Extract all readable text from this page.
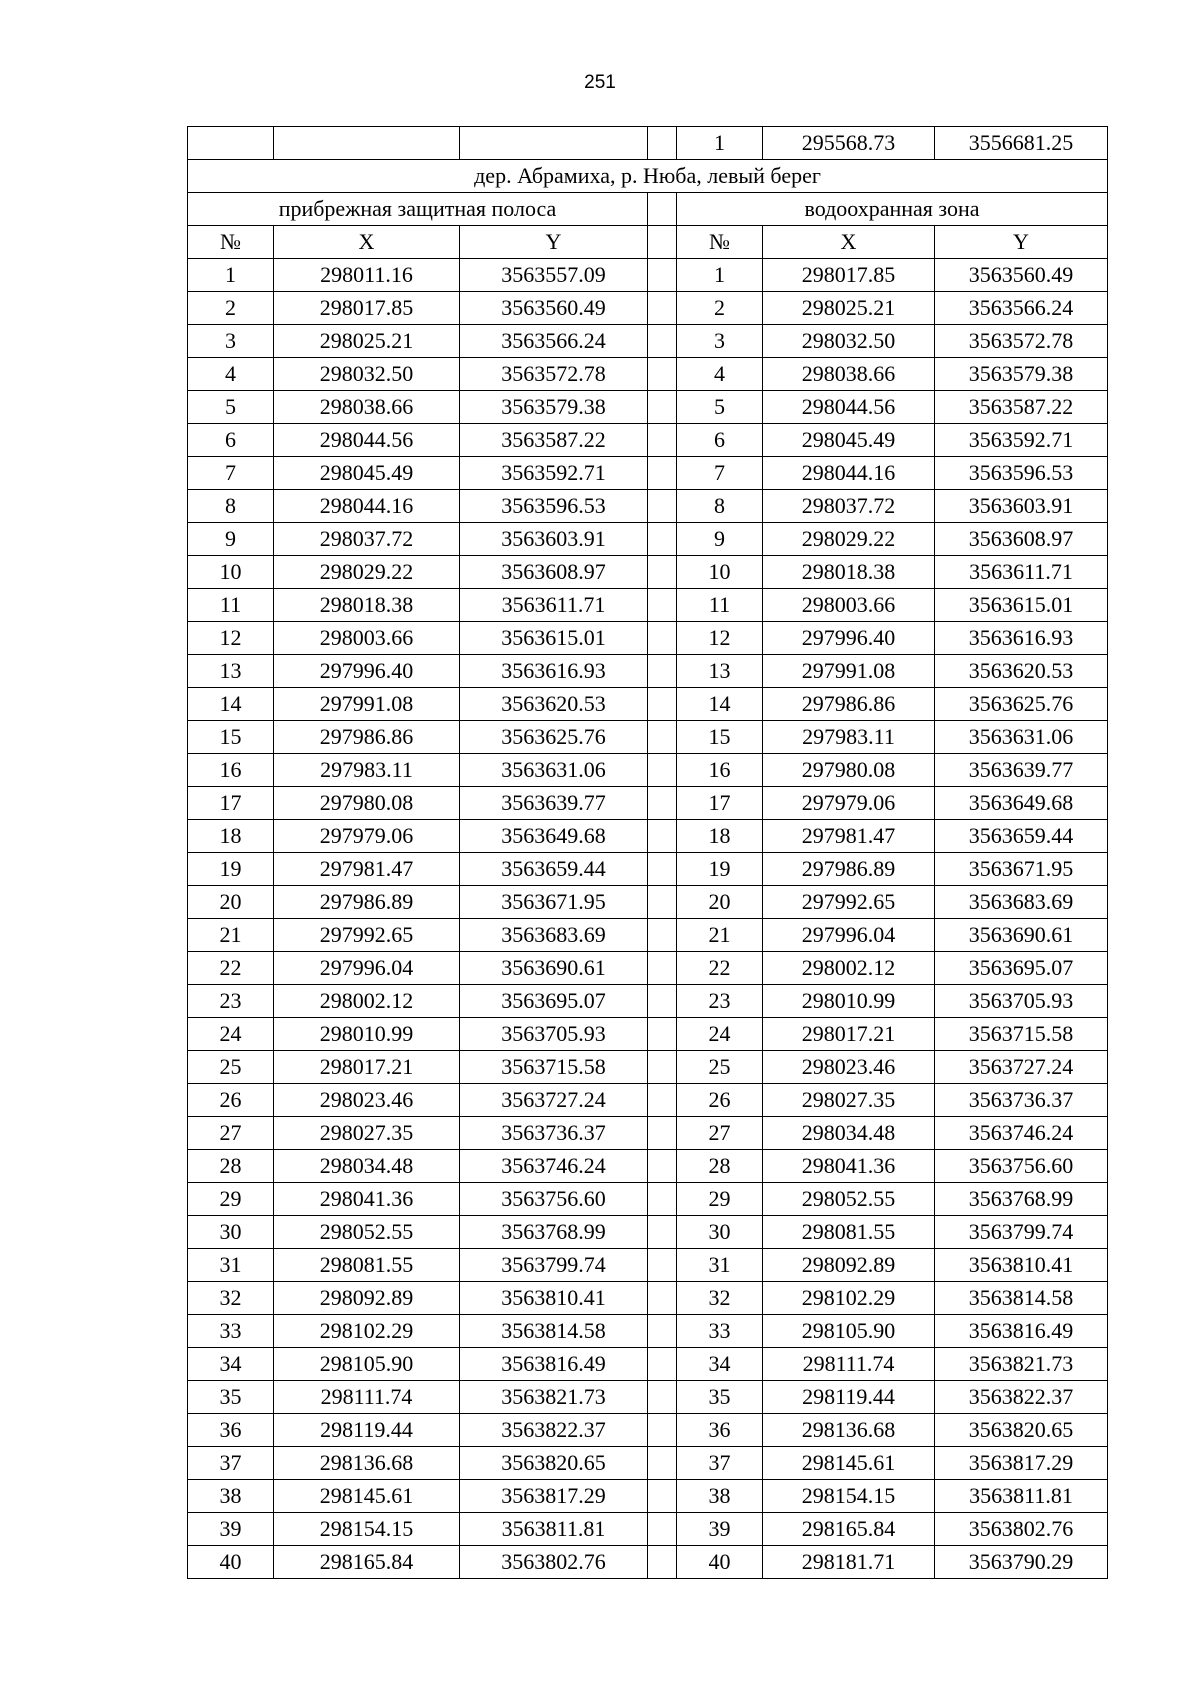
251
				1	295568.73	3556681.25
дер. Абрамиха, р. Нюба, левый берег						
прибрежная защитная полоса				водоохранная зона		
№	X	Y		№	X	Y
1	298011.16	3563557.09		1	298017.85	3563560.49
2	298017.85	3563560.49		2	298025.21	3563566.24
3	298025.21	3563566.24		3	298032.50	3563572.78
4	298032.50	3563572.78		4	298038.66	3563579.38
5	298038.66	3563579.38		5	298044.56	3563587.22
6	298044.56	3563587.22		6	298045.49	3563592.71
7	298045.49	3563592.71		7	298044.16	3563596.53
8	298044.16	3563596.53		8	298037.72	3563603.91
9	298037.72	3563603.91		9	298029.22	3563608.97
10	298029.22	3563608.97		10	298018.38	3563611.71
11	298018.38	3563611.71		11	298003.66	3563615.01
12	298003.66	3563615.01		12	297996.40	3563616.93
13	297996.40	3563616.93		13	297991.08	3563620.53
14	297991.08	3563620.53		14	297986.86	3563625.76
15	297986.86	3563625.76		15	297983.11	3563631.06
16	297983.11	3563631.06		16	297980.08	3563639.77
17	297980.08	3563639.77		17	297979.06	3563649.68
18	297979.06	3563649.68		18	297981.47	3563659.44
19	297981.47	3563659.44		19	297986.89	3563671.95
20	297986.89	3563671.95		20	297992.65	3563683.69
21	297992.65	3563683.69		21	297996.04	3563690.61
22	297996.04	3563690.61		22	298002.12	3563695.07
23	298002.12	3563695.07		23	298010.99	3563705.93
24	298010.99	3563705.93		24	298017.21	3563715.58
25	298017.21	3563715.58		25	298023.46	3563727.24
26	298023.46	3563727.24		26	298027.35	3563736.37
27	298027.35	3563736.37		27	298034.48	3563746.24
28	298034.48	3563746.24		28	298041.36	3563756.60
29	298041.36	3563756.60		29	298052.55	3563768.99
30	298052.55	3563768.99		30	298081.55	3563799.74
31	298081.55	3563799.74		31	298092.89	3563810.41
32	298092.89	3563810.41		32	298102.29	3563814.58
33	298102.29	3563814.58		33	298105.90	3563816.49
34	298105.90	3563816.49		34	298111.74	3563821.73
35	298111.74	3563821.73		35	298119.44	3563822.37
36	298119.44	3563822.37		36	298136.68	3563820.65
37	298136.68	3563820.65		37	298145.61	3563817.29
38	298145.61	3563817.29		38	298154.15	3563811.81
39	298154.15	3563811.81		39	298165.84	3563802.76
40	298165.84	3563802.76		40	298181.71	3563790.29
